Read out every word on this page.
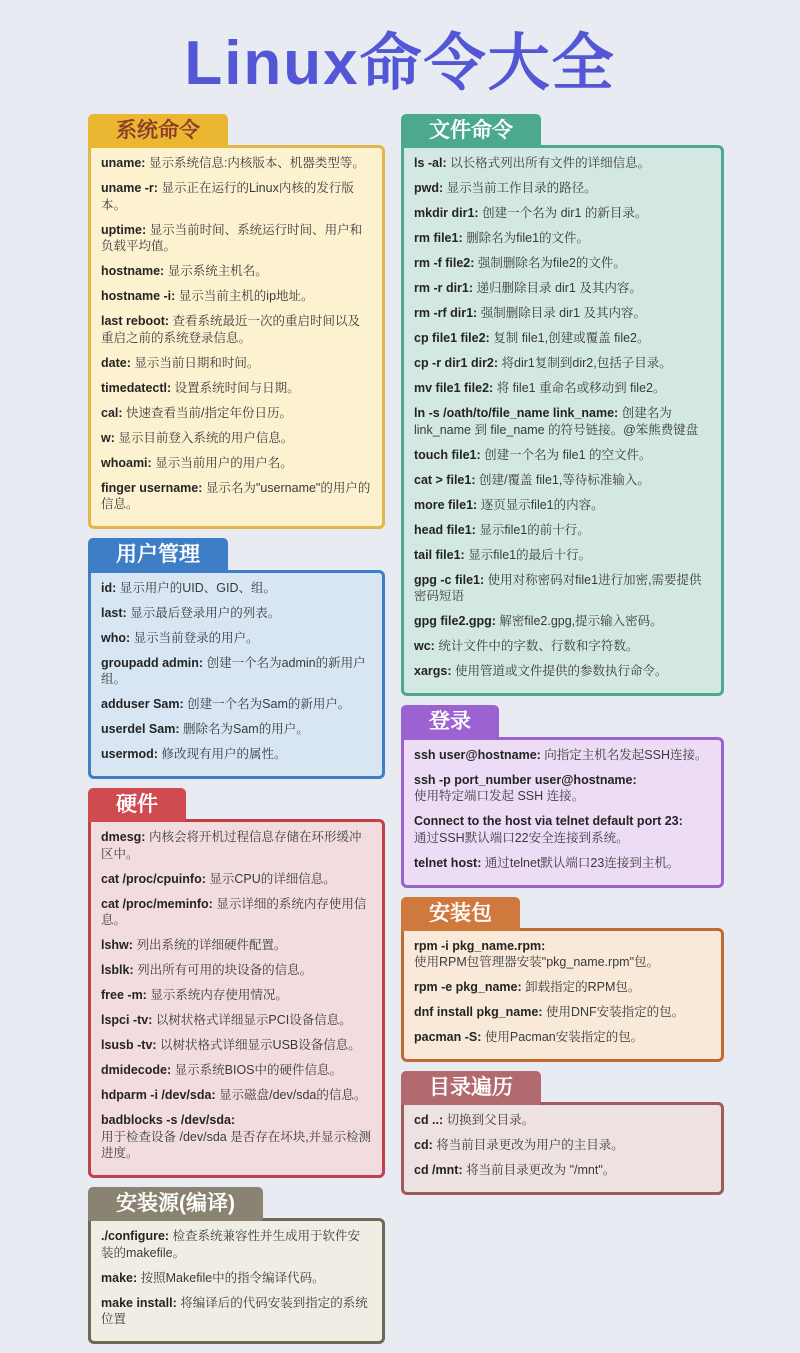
Linux命令大全
系统命令

uname: 显示系统信息:内核版本、机器类型等。

uname -r: 显示正在运行的Linux内核的发行版本。

uptime: 显示当前时间、系统运行时间、用户和负载平均值。

hostname: 显示系统主机名。

hostname -i: 显示当前主机的ip地址。

last reboot: 查看系统最近一次的重启时间以及重启之前的系统登录信息。

date: 显示当前日期和时间。

timedatectl: 设置系统时间与日期。

cal: 快速查看当前/指定年份日历。

w: 显示目前登入系统的用户信息。

whoami: 显示当前用户的用户名。

finger username: 显示名为"username"的用户的信息。

用户管理

id: 显示用户的UID、GID、组。

last: 显示最后登录用户的列表。

who: 显示当前登录的用户。

groupadd admin: 创建一个名为admin的新用户组。

adduser Sam: 创建一个名为Sam的新用户。

userdel Sam: 删除名为Sam的用户。

usermod: 修改现有用户的属性。

硬件

dmesg: 内核会将开机过程信息存储在环形缓冲区中。

cat /proc/cpuinfo: 显示CPU的详细信息。

cat /proc/meminfo: 显示详细的系统内存使用信息。

lshw: 列出系统的详细硬件配置。

lsblk: 列出所有可用的块设备的信息。

free -m: 显示系统内存使用情况。

lspci -tv: 以树状格式详细显示PCI设备信息。

lsusb -tv: 以树状格式详细显示USB设备信息。

dmidecode: 显示系统BIOS中的硬件信息。

hdparm -i /dev/sda: 显示磁盘/dev/sda的信息。

badblocks -s /dev/sda:
用于检查设备 /dev/sda 是否存在坏块,并显示检测进度。

安装源(编译)

./configure: 检查系统兼容性并生成用于软件安装的makefile。

make: 按照Makefile中的指令编译代码。

make install: 将编译后的代码安装到指定的系统位置

文件命令

ls -al: 以长格式列出所有文件的详细信息。

pwd: 显示当前工作目录的路径。

mkdir dir1: 创建一个名为 dir1 的新目录。

rm file1: 删除名为file1的文件。

rm -f file2: 强制删除名为file2的文件。

rm -r dir1: 递归删除目录 dir1 及其内容。

rm -rf dir1: 强制删除目录 dir1 及其内容。

cp file1 file2: 复制 file1,创建或覆盖 file2。

cp -r dir1 dir2: 将dir1复制到dir2,包括子目录。

mv file1 file2: 将 file1 重命名或移动到 file2。

ln -s /oath/to/file_name link_name: 创建名为 link_name 到 file_name 的符号链接。@笨熊费键盘

touch file1: 创建一个名为 file1 的空文件。

cat > file1: 创建/覆盖 file1,等待标准输入。

more file1: 逐页显示file1的内容。

head file1: 显示file1的前十行。

tail file1: 显示file1的最后十行。

gpg -c file1: 使用对称密码对file1进行加密,需要提供密码短语

gpg file2.gpg: 解密file2.gpg,提示输入密码。

wc: 统计文件中的字数、行数和字符数。

xargs: 使用管道或文件提供的参数执行命令。

登录

ssh user@hostname: 向指定主机名发起SSH连接。

ssh -p port_number user@hostname:
使用特定端口发起 SSH 连接。

Connect to the host via telnet default port 23:
通过SSH默认端口22安全连接到系统。

telnet host: 通过telnet默认端口23连接到主机。

安装包

rpm -i pkg_name.rpm:
使用RPM包管理器安装"pkg_name.rpm"包。

rpm -e pkg_name: 卸载指定的RPM包。

dnf install pkg_name: 使用DNF安装指定的包。

pacman -S: 使用Pacman安装指定的包。

目录遍历

cd ..: 切换到父目录。

cd: 将当前目录更改为用户的主目录。

cd /mnt: 将当前目录更改为 "/mnt"。
